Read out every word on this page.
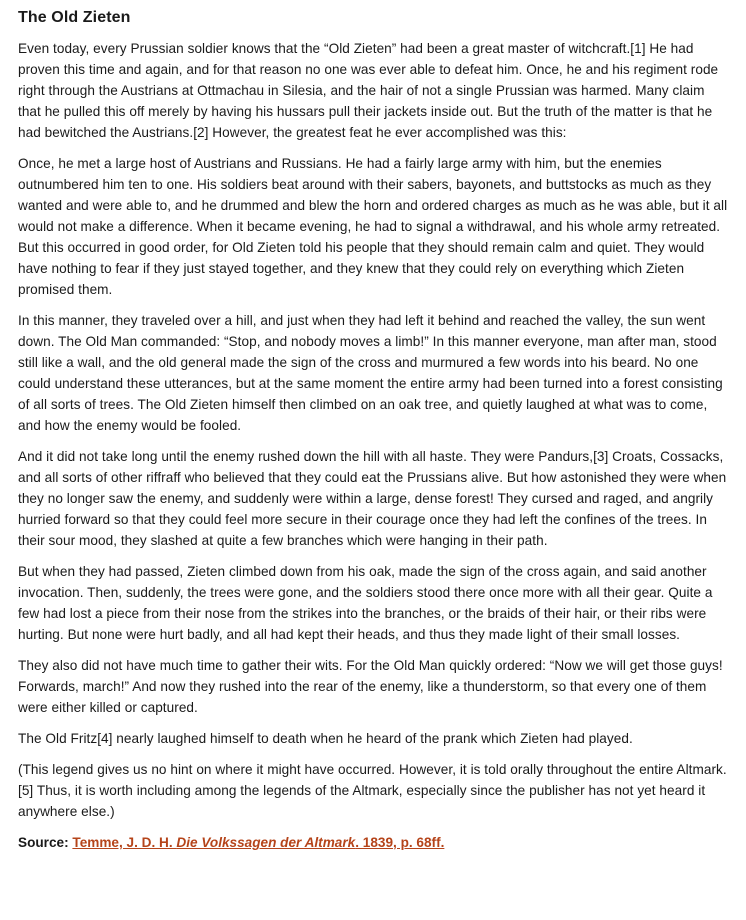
The Old Zieten

Even today, every Prussian soldier knows that the “Old Zieten” had been a great master of witchcraft.[1] He had proven this time and again, and for that reason no one was ever able to defeat him. Once, he and his regiment rode right through the Austrians at Ottmachau in Silesia, and the hair of not a single Prussian was harmed. Many claim that he pulled this off merely by having his hussars pull their jackets inside out. But the truth of the matter is that he had bewitched the Austrians.[2] However, the greatest feat he ever accomplished was this:

Once, he met a large host of Austrians and Russians. He had a fairly large army with him, but the enemies outnumbered him ten to one. His soldiers beat around with their sabers, bayonets, and buttstocks as much as they wanted and were able to, and he drummed and blew the horn and ordered charges as much as he was able, but it all would not make a difference. When it became evening, he had to signal a withdrawal, and his whole army retreated. But this occurred in good order, for Old Zieten told his people that they should remain calm and quiet. They would have nothing to fear if they just stayed together, and they knew that they could rely on everything which Zieten promised them.

In this manner, they traveled over a hill, and just when they had left it behind and reached the valley, the sun went down. The Old Man commanded: “Stop, and nobody moves a limb!” In this manner everyone, man after man, stood still like a wall, and the old general made the sign of the cross and murmured a few words into his beard. No one could understand these utterances, but at the same moment the entire army had been turned into a forest consisting of all sorts of trees. The Old Zieten himself then climbed on an oak tree, and quietly laughed at what was to come, and how the enemy would be fooled.

And it did not take long until the enemy rushed down the hill with all haste. They were Pandurs,[3] Croats, Cossacks, and all sorts of other riffraff who believed that they could eat the Prussians alive. But how astonished they were when they no longer saw the enemy, and suddenly were within a large, dense forest! They cursed and raged, and angrily hurried forward so that they could feel more secure in their courage once they had left the confines of the trees. In their sour mood, they slashed at quite a few branches which were hanging in their path.

But when they had passed, Zieten climbed down from his oak, made the sign of the cross again, and said another invocation. Then, suddenly, the trees were gone, and the soldiers stood there once more with all their gear. Quite a few had lost a piece from their nose from the strikes into the branches, or the braids of their hair, or their ribs were hurting. But none were hurt badly, and all had kept their heads, and thus they made light of their small losses.

They also did not have much time to gather their wits. For the Old Man quickly ordered: “Now we will get those guys! Forwards, march!” And now they rushed into the rear of the enemy, like a thunderstorm, so that every one of them were either killed or captured.

The Old Fritz[4] nearly laughed himself to death when he heard of the prank which Zieten had played.

(This legend gives us no hint on where it might have occurred. However, it is told orally throughout the entire Altmark.[5] Thus, it is worth including among the legends of the Altmark, especially since the publisher has not yet heard it anywhere else.)

Source: Temme, J. D. H. Die Volkssagen der Altmark. 1839, p. 68ff.
